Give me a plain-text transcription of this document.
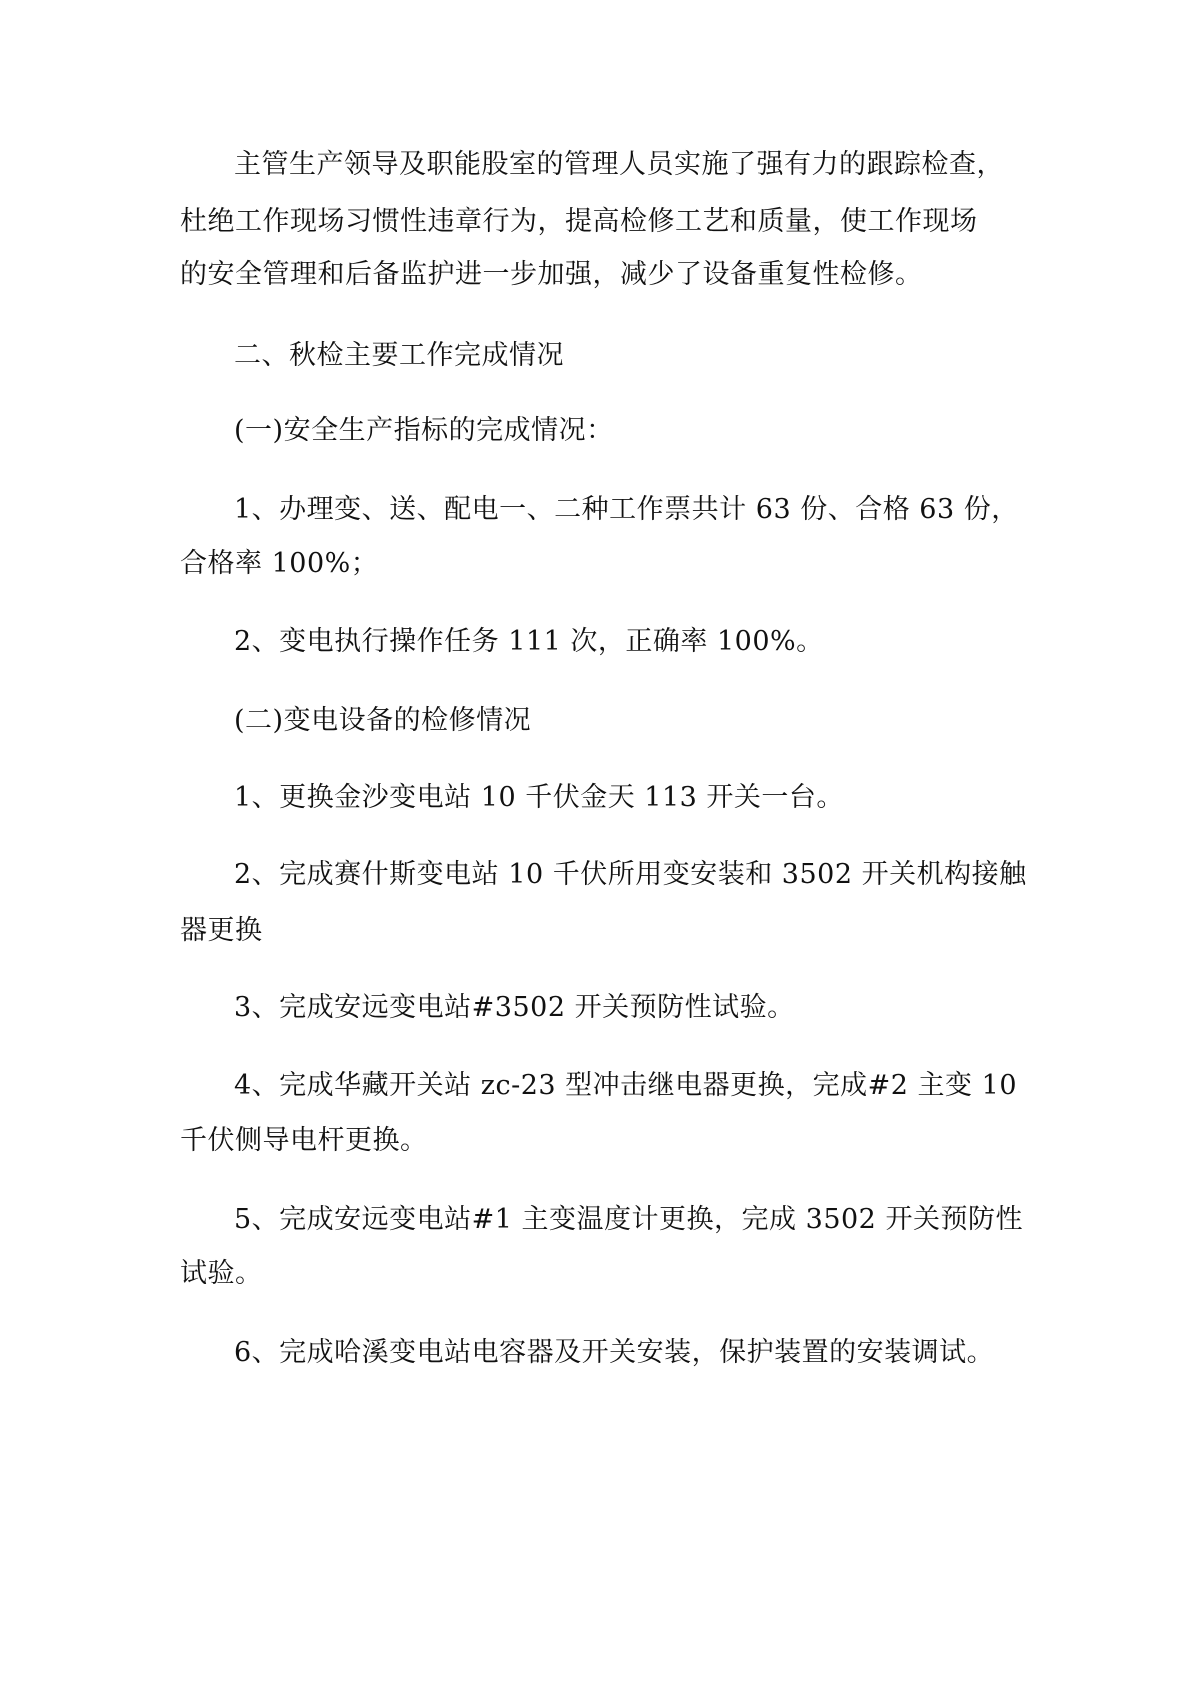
主管生产领导及职能股室的管理人员实施了强有力的跟踪检查，
杜绝工作现场习惯性违章行为，提高检修工艺和质量，使工作现场
的安全管理和后备监护进一步加强，减少了设备重复性检修。
二、秋检主要工作完成情况
(一)安全生产指标的完成情况：
1、办理变、送、配电一、二种工作票共计 63 份、合格 63 份，
合格率 100%；
2、变电执行操作任务 111 次，正确率 100%。
(二)变电设备的检修情况
1、更换金沙变电站 10 千伏金天 113 开关一台。
2、完成赛什斯变电站 10 千伏所用变安装和 3502 开关机构接触
器更换
3、完成安远变电站#3502 开关预防性试验。
4、完成华藏开关站 zc-23 型冲击继电器更换，完成#2 主变 10
千伏侧导电杆更换。
5、完成安远变电站#1 主变温度计更换，完成 3502 开关预防性
试验。
6、完成哈溪变电站电容器及开关安装，保护装置的安装调试。
